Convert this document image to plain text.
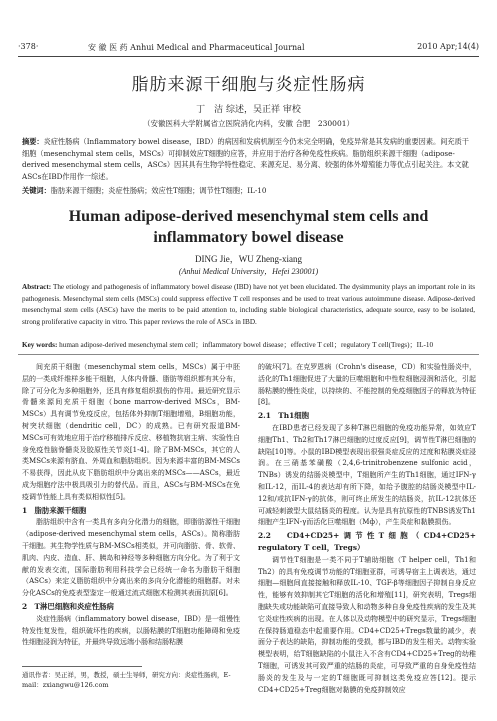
·378·	安 徽 医 药 Anhui Medical and Pharmaceutical Journal	2010 Apr;14(4)
脂肪来源干细胞与炎症性肠病
丁　洁 综述，吴正祥 审校
（安徽医科大学附属省立医院消化内科，安徽 合肥　230001）
摘要：炎症性肠病（Inflammatory bowel disease，IBD）的病因和发病机制至今仍未完全明确，免疫异常是其发病的重要因素。间充质干细胞（mesenchymal stem cells，MSCs）可抑制效应T细胞的应答，并应用于治疗各种免疫性疾病。脂肪组织来源干细胞（adipose-derived mesenchymal stem cells，ASCs）因其具有生物学特性稳定、来源充足、易分离、较强的体外增殖能力等优点引起关注。本文就ASCs在IBD作用作一综述。
关键词：脂肪来源干细胞；炎症性肠病；效应性T细胞；调节性T细胞；IL-10
Human adipose-derived mesenchymal stem cells and
inflammatory bowel disease
DING Jie，WU Zheng-xiang
(Anhui Medical University，Hefei 230001)
Abstract: The etiology and pathogenesis of inflammatory bowel disease (IBD) have not yet been elucidated. The dysimmunity plays an important role in its pathogenesis. Mesenchymal stem cells (MSCs) could suppress effective T cell responses and be used to treat various autoimmune disease. Adipose-derived mesenchymal stem cells (ASCs) have the merits to be paid attention to, including stable biological characteristics, adequate source, easy to be isolated, strong proliferative capacity in vitro. This paper reviews the role of ASCs in IBD.
Key words: human adipose-derived mesenchymal stem cell；inflammatory bowel disease；effective T cell；regulatory T cell(Tregs)；IL-10

间充质干细胞（mesenchymal stem cells，MSCs）属于中胚层的一类成纤维样多能干细胞，人体内骨髓、脂肪等组织都有其分布，除了可分化为多种细胞外，还具有修复组织损伤的作用。最近研究显示骨髓来源间充质干细胞（bone marrow-derived MSCs，BM-MSCs）具有调节免疫反应，包括体外抑制T细胞增殖，B细胞功能，树突状细胞（dendritic cell，DC）的成熟。已有研究报道BM-MSCs可有效地应用于治疗移植排斥反应、移植物抗宿主病、实验性自身免疫性脑脊髓炎及胶原性关节炎[1-4]。除了BM-MSCs，其它的人类MSCs来源有脐血、外周血和脂肪组织。因为来源丰富的BM-MSCs不易获得，因此从皮下脂肪组织中分离出来的MSCs——ASCs，最近成为细胞疗法中极具吸引力的替代品。而且，ASCs与BM-MSCs在免疫调节性能上具有类似相似性[5]。

1　脂肪来源干细胞

脂肪组织中含有一类具有多向分化潜力的细胞，即脂肪源性干细胞（adipose-derived mesenchymal stem cells，ASCs）。简称脂肪干细胞。其生物学性质与BM-MSCs相类似，并可向脂肪、骨、软骨、肌肉、内皮、造血、肝、胰岛和神经等多种细胞方向分化。为了利于文献的发表交流，国际脂肪利用科技学会已经统一命名为脂肪干细胞（ASCs）来定义脂肪组织中分离出来的多向分化潜能的细胞群。对未分化ASCs的免疫表型鉴定一般通过流式细胞术检测其表面抗原[6]。

2　T淋巴细胞和炎症性肠病

炎症性肠病（inflammatory bowel disease，IBD）是一组慢性特发性复发性，组织破坏性的疾病，以肠粘膜的T细胞功能障碍和免疫性细胞浸润为特征，并最终导致远端小肠和结肠粘膜

的破坏[7]。在克罗恩病（Crohn's disease，CD）和实验性肠炎中，活化的Th1细胞促进了大量的巨噬细胞和中性粒细胞浸润和活化，引起肠粘膜的慢性炎症，以持续的、不能控制的免疫细胞因子的释放为特征[8]。

2.1　Th1细胞

在IBD患者已经发现了多种T淋巴细胞的免疫功能异常，如效应T细胞Th1、Th2和Th17淋巴细胞的过度反应[9]，调节性T淋巴细胞的缺陷[10]等。小鼠的IBD模型表现出很强炎症反应的过度和粘膜炎症浸润。在三硝基苯磺酸（2,4,6-trinitrobenzene sulfonic acid，TNBs）诱发的结肠炎模型中，T细胞所产生的Th1细胞，通过IFN-γ和IL-12，而IL-4的表达却有所下降，如给予腹腔的结肠炎模型中IL-12和/或抗IFN-γ的抗体，则可终止所发生的结肠炎，抗IL-12抗体还可减轻刺激型大鼠结肠炎的程度。认为是具有抗原性的TNBS诱发Th1细胞产生IFN-γ而活化巨噬细胞（Mф），产生炎症和黏膜损伤。

2.2　CD4+CD25+调节性T细胞（CD4+CD25+ regulatory T cell，Tregs）

调节性T细胞是一类不同于T辅助细胞（T helper cell，Th1和Th2）的具有免疫调节功能的T细胞亚群，可诱导宿主上调表达，通过细胞—细胞间直接接触和释放IL-10、TGF-β等细胞因子抑制自身反应性，能够有效抑制其它T细胞的活化和增殖[11]，研究表明，Tregs细胞缺失或功能缺陷可直接导致人和动物多种自身免疫性疾病的发生及其它炎症性疾病的出现。在人体以及动物模型中的研究显示，Tregs细胞在保持肠道稳态中起重要作用。CD4+CD25+Tregs数量的减少，表面分子表达的缺陷，抑制功能的受损，都与IBD的发生相关。动物实验模型表明，给T细胞缺陷的小鼠注入不含有CD4+CD25+Treg的幼稚T细胞，可诱发其可致严重的结肠的炎症，可导致严重的自身免疫性结肠炎的发生及与一定的T细胞既可抑制这类免疫应答[12]。提示CD4+CD25+Treg细胞对黏膜的免疫抑制效应

通讯作者：吴正祥，男，教授，硕士生导师，研究方向：炎症性肠病，E-mail：zxiangwu@126.com
